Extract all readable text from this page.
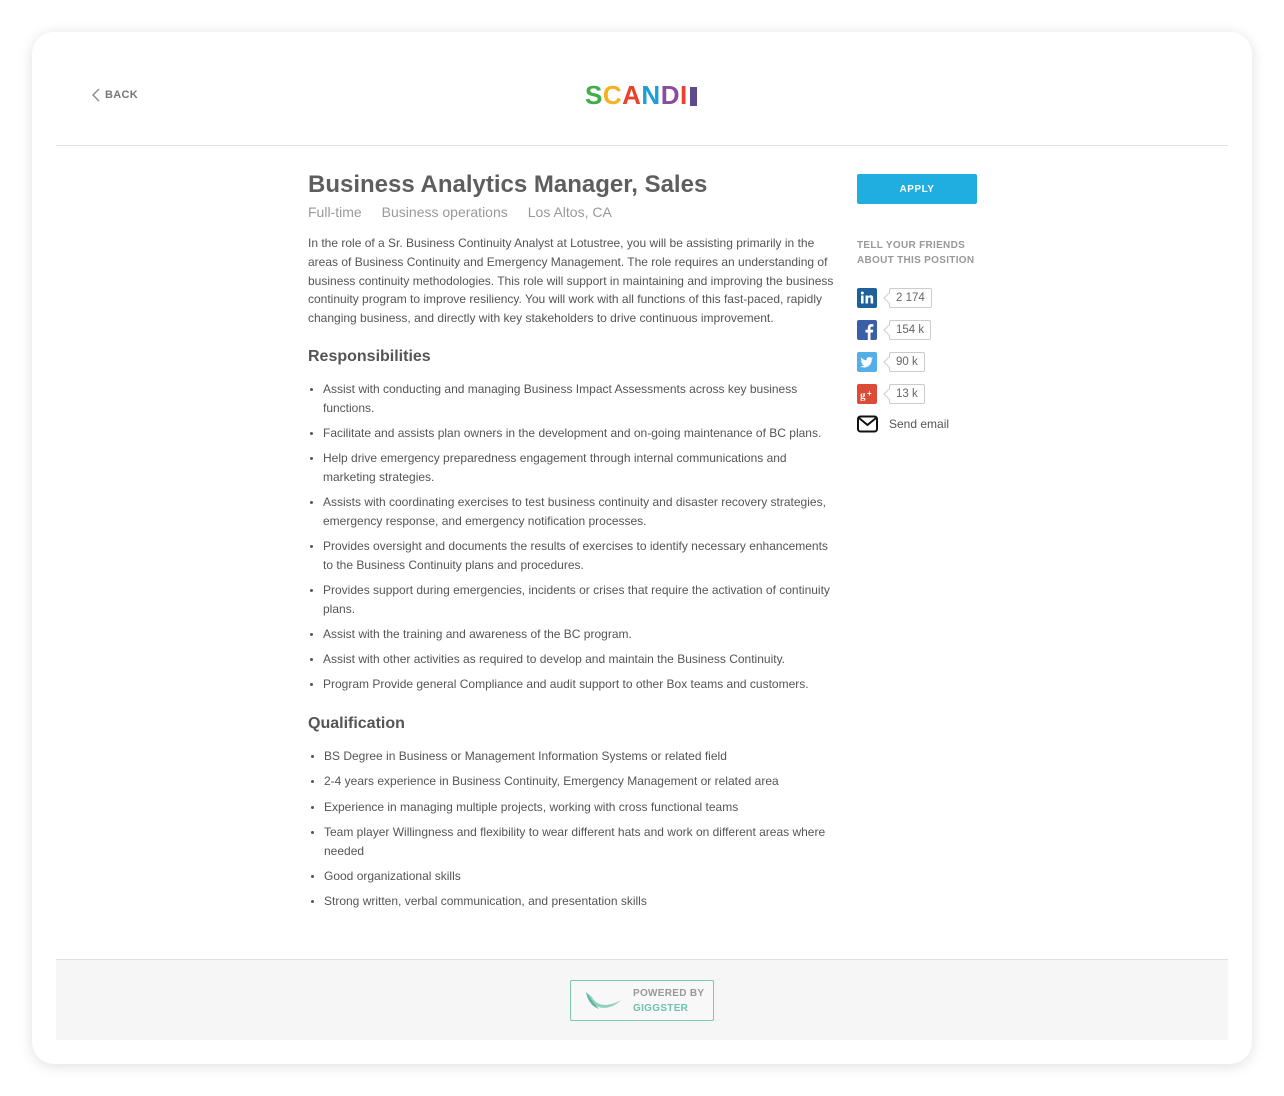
BACK	S C A N D I
Business Analytics Manager, Sales
Full-time Business operations Los Altos, CA

In the role of a Sr. Business Continuity Analyst at Lotustree, you will be assisting primarily in the areas of Business Continuity and Emergency Management. The role requires an understanding of business continuity methodologies. This role will support in maintaining and improving the business continuity program to improve resiliency. You will work with all functions of this fast-paced, rapidly changing business, and directly with key stakeholders to drive continuous improvement.

Responsibilities
Assist with conducting and managing Business Impact Assessments across key business functions.
Facilitate and assists plan owners in the development and on-going maintenance of BC plans.
Help drive emergency preparedness engagement through internal communications and marketing strategies.
Assists with coordinating exercises to test business continuity and disaster recovery strategies, emergency response, and emergency notification processes.
Provides oversight and documents the results of exercises to identify necessary enhancements to the Business Continuity plans and procedures.
Provides support during emergencies, incidents or crises that require the activation of continuity plans.
Assist with the training and awareness of the BC program.
Assist with other activities as required to develop and maintain the Business Continuity.
Program Provide general Compliance and audit support to other Box teams and customers.
Qualification
BS Degree in Business or Management Information Systems or related field
2-4 years experience in Business Continuity, Emergency Management or related area
Experience in managing multiple projects, working with cross functional teams
Team player Willingness and flexibility to wear different hats and work on different areas where needed
Good organizational skills
Strong written, verbal communication, and presentation skills
APPLY
TELL YOUR FRIENDS ABOUT THIS POSITION
2 174
154 k
90 k
g +	13 k
Send email
POWERED BY
GIGGSTER
